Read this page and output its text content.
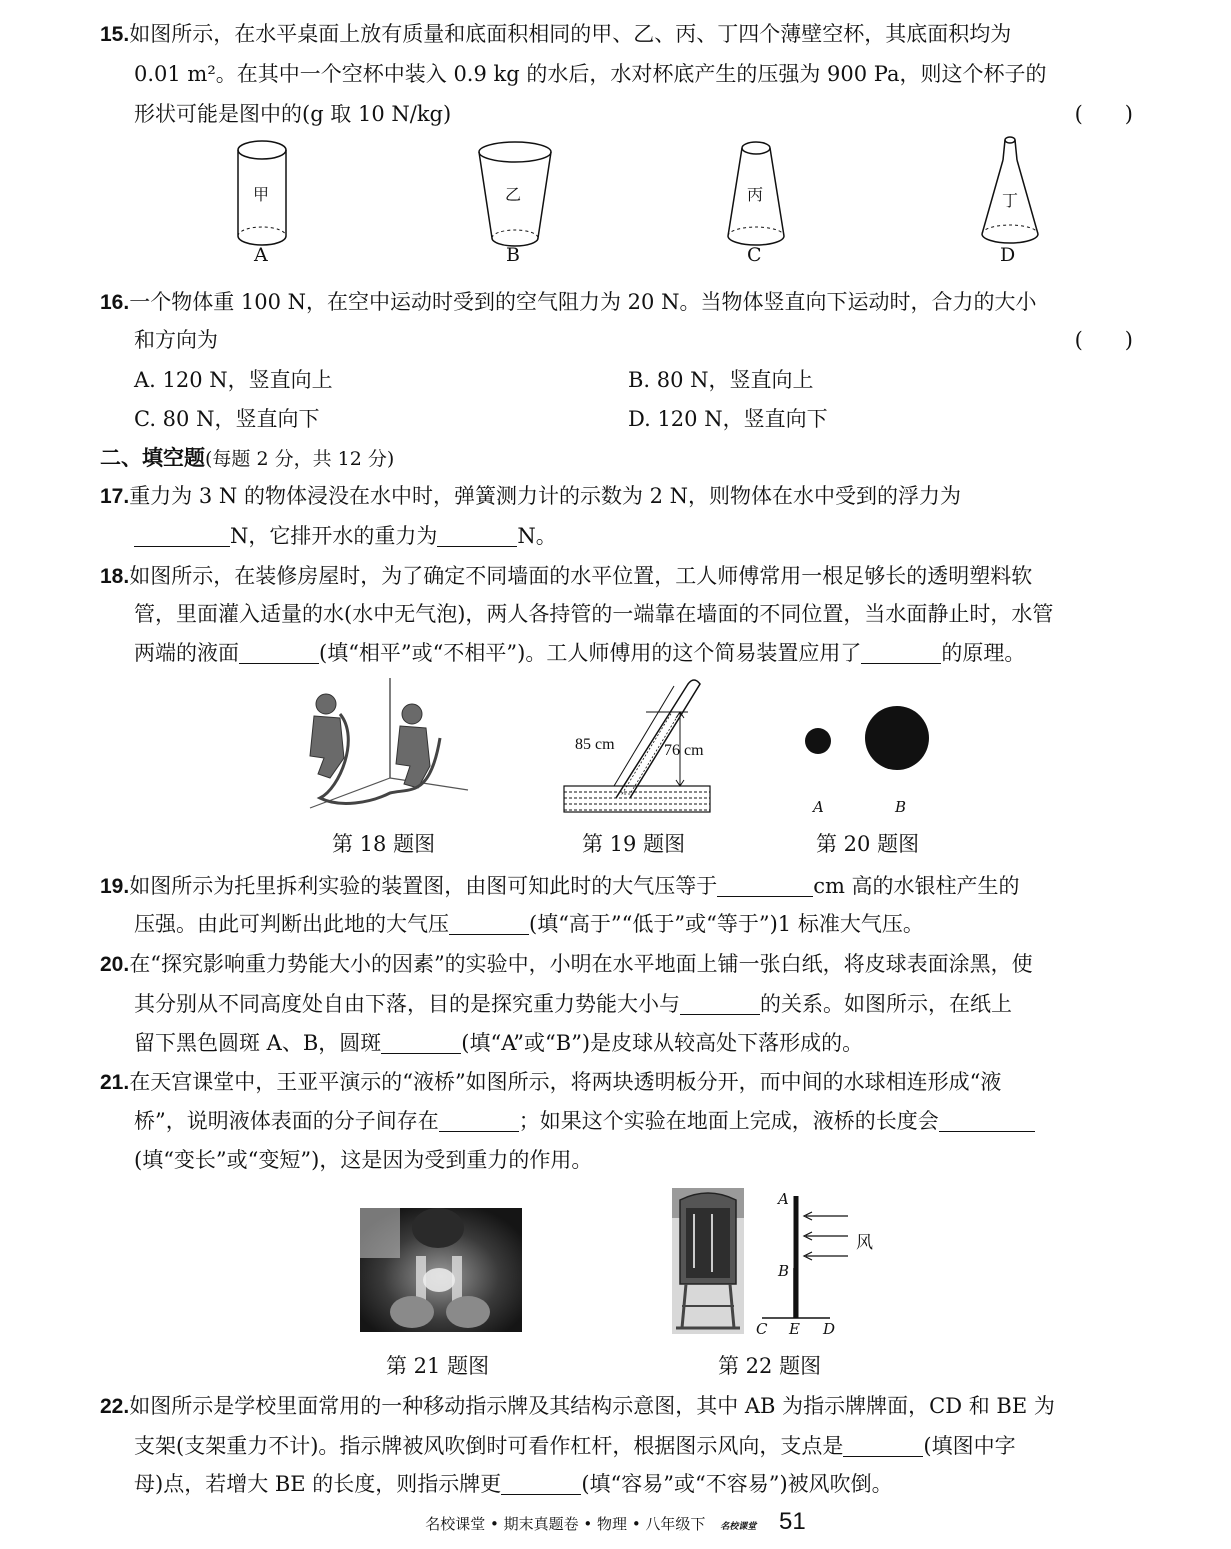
15.如图所示，在水平桌面上放有质量和底面积相同的甲、乙、丙、丁四个薄壁空杯，其底面积均为
0.01 m²。在其中一个空杯中装入 0.9 kg 的水后，水对杯底产生的压强为 900 Pa，则这个杯子的
形状可能是图中的(g 取 10 N/kg)	(　　)
甲
A
乙
B
丙
C
丁
D
16.一个物体重 100 N，在空中运动时受到的空气阻力为 20 N。当物体竖直向下运动时，合力的大小
和方向为	(　　)
A. 120 N，竖直向上	B. 80 N，竖直向上
C. 80 N，竖直向下	D. 120 N，竖直向下
二、填空题(每题 2 分，共 12 分)
17.重力为 3 N 的物体浸没在水中时，弹簧测力计的示数为 2 N，则物体在水中受到的浮力为
N，它排开水的重力为	N。
18.如图所示，在装修房屋时，为了确定不同墙面的水平位置，工人师傅常用一根足够长的透明塑料软
管，里面灌入适量的水(水中无气泡)，两人各持管的一端靠在墙面的不同位置，当水面静止时，水管
两端的液面	(填“相平”或“不相平”)。工人师傅用的这个简易装置应用了	的原理。
85 cm	76 cm
A	B
第 18 题图	第 19 题图	第 20 题图
19.如图所示为托里拆利实验的装置图，由图可知此时的大气压等于	cm 高的水银柱产生的
压强。由此可判断出此地的大气压	(填“高于”“低于”或“等于”)1 标准大气压。
20.在“探究影响重力势能大小的因素”的实验中，小明在水平地面上铺一张白纸，将皮球表面涂黑，使
其分别从不同高度处自由下落，目的是探究重力势能大小与	的关系。如图所示，在纸上
留下黑色圆斑 A、B，圆斑	(填“A”或“B”)是皮球从较高处下落形成的。
21.在天宫课堂中，王亚平演示的“液桥”如图所示，将两块透明板分开，而中间的水球相连形成“液
桥”，说明液体表面的分子间存在	；如果这个实验在地面上完成，液桥的长度会
(填“变长”或“变短”)，这是因为受到重力的作用。
A
B
风
C E D
第 21 题图	第 22 题图
22.如图所示是学校里面常用的一种移动指示牌及其结构示意图，其中 AB 为指示牌牌面，CD 和 BE 为
支架(支架重力不计)。指示牌被风吹倒时可看作杠杆，根据图示风向，支点是	(填图中字
母)点，若增大 BE 的长度，则指示牌更	(填“容易”或“不容易”)被风吹倒。
名校课堂 • 期末真题卷 • 物理 • 八年级下 名校课堂 51
